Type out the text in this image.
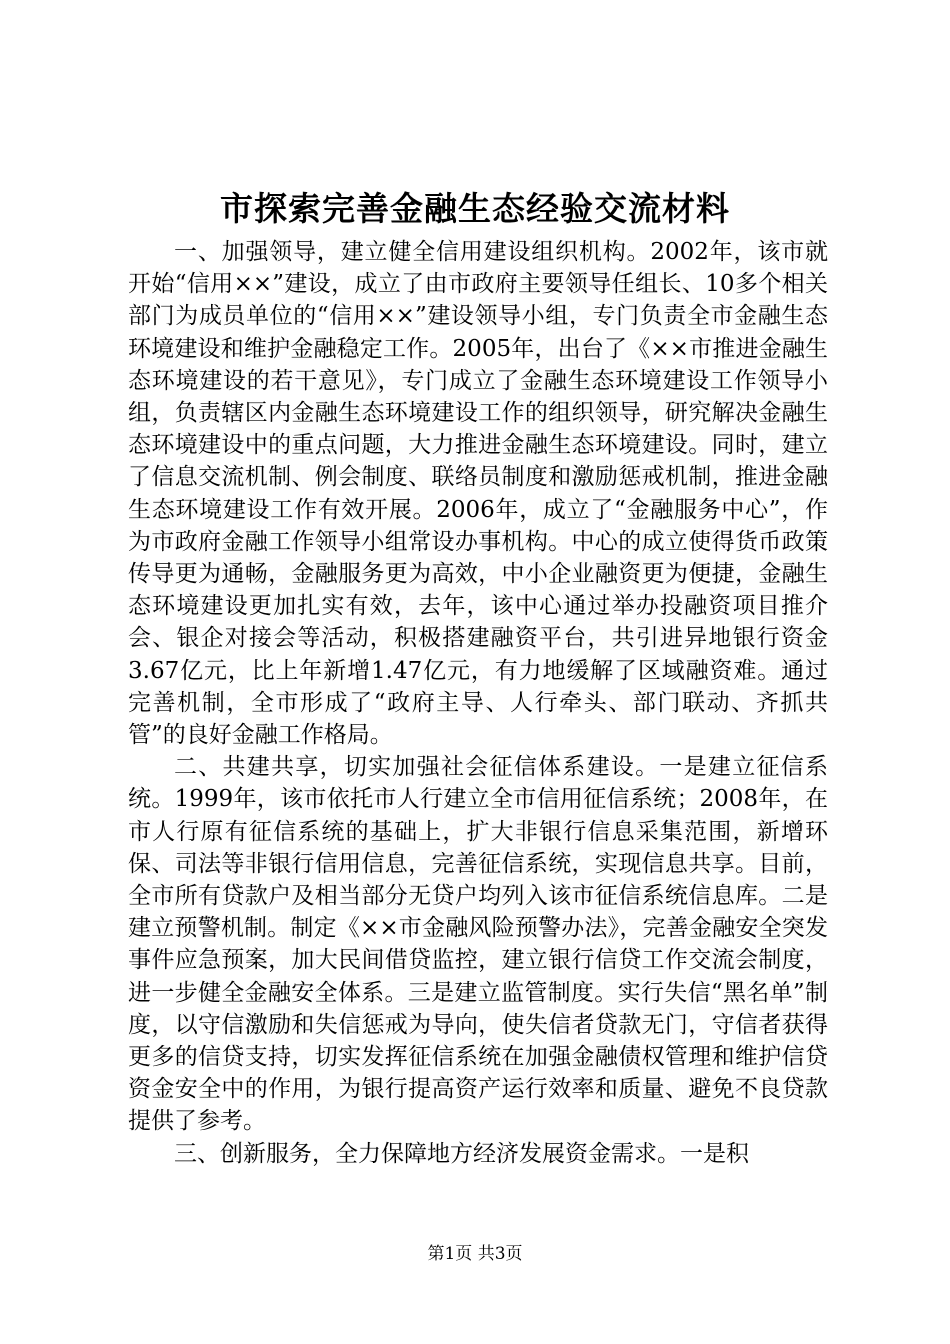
市探索完善金融生态经验交流材料

一、加强领导，建立健全信用建设组织机构。2002年，该市就开始“信用××”建设，成立了由市政府主要领导任组长、10多个相关部门为成员单位的“信用××”建设领导小组，专门负责全市金融生态环境建设和维护金融稳定工作。2005年，出台了《××市推进金融生态环境建设的若干意见》，专门成立了金融生态环境建设工作领导小组，负责辖区内金融生态环境建设工作的组织领导，研究解决金融生态环境建设中的重点问题，大力推进金融生态环境建设。同时，建立了信息交流机制、例会制度、联络员制度和激励惩戒机制，推进金融生态环境建设工作有效开展。2006年，成立了“金融服务中心”，作为市政府金融工作领导小组常设办事机构。中心的成立使得货币政策传导更为通畅，金融服务更为高效，中小企业融资更为便捷，金融生态环境建设更加扎实有效，去年，该中心通过举办投融资项目推介会、银企对接会等活动，积极搭建融资平台，共引进异地银行资金3.67亿元，比上年新增1.47亿元，有力地缓解了区域融资难。通过完善机制，全市形成了“政府主导、人行牵头、部门联动、齐抓共管”的良好金融工作格局。

二、共建共享，切实加强社会征信体系建设。一是建立征信系统。1999年，该市依托市人行建立全市信用征信系统；2008年，在市人行原有征信系统的基础上，扩大非银行信息采集范围，新增环保、司法等非银行信用信息，完善征信系统，实现信息共享。目前，全市所有贷款户及相当部分无贷户均列入该市征信系统信息库。二是建立预警机制。制定《××市金融风险预警办法》，完善金融安全突发事件应急预案，加大民间借贷监控，建立银行信贷工作交流会制度，进一步健全金融安全体系。三是建立监管制度。实行失信“黑名单”制度，以守信激励和失信惩戒为导向，使失信者贷款无门，守信者获得更多的信贷支持，切实发挥征信系统在加强金融债权管理和维护信贷资金安全中的作用，为银行提高资产运行效率和质量、避免不良贷款提供了参考。

三、创新服务，全力保障地方经济发展资金需求。一是积

第1页 共3页
